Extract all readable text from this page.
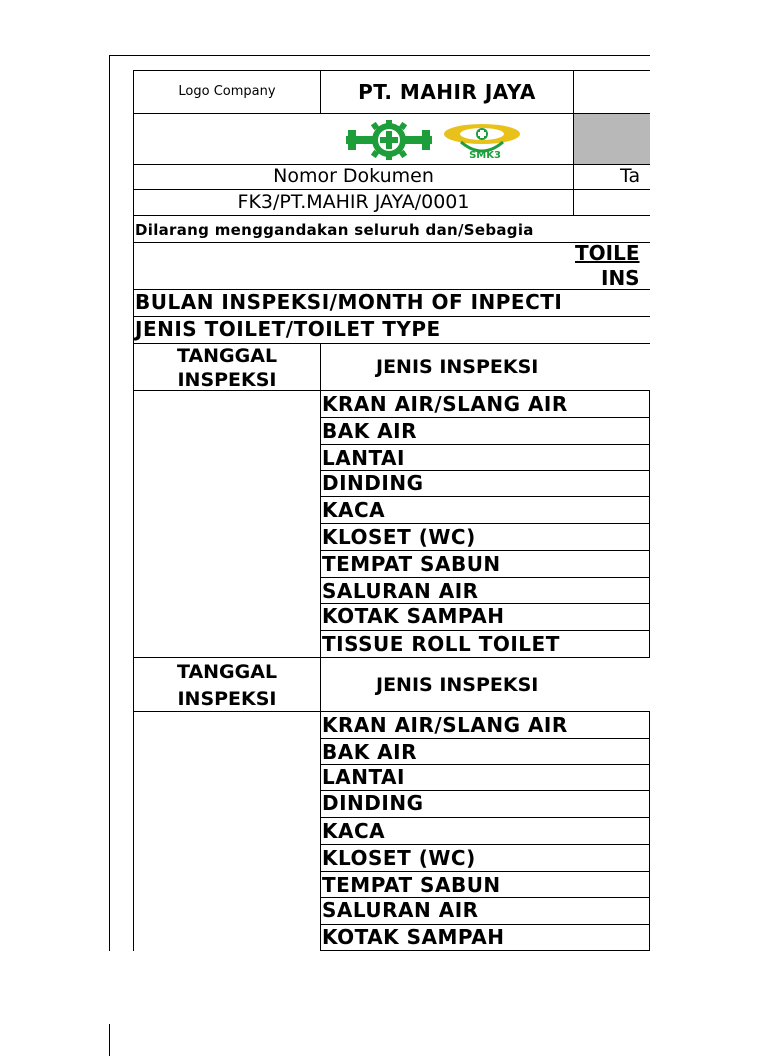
Logo Company	PT. MAHIR JAYA
SMK3
Nomor Dokumen	Ta
FK3/PT.MAHIR JAYA/0001
Dilarang menggandakan seluruh dan/Sebagia
TOILE
INS
BULAN INSPEKSI/MONTH OF INPECTI
JENIS TOILET/TOILET TYPE
TANGGAL
INSPEKSI
JENIS INSPEKSI
KRAN AIR/SLANG AIR
BAK AIR
LANTAI
DINDING
KACA
KLOSET (WC)
TEMPAT SABUN
SALURAN AIR
KOTAK SAMPAH
TISSUE ROLL TOILET
TANGGAL
INSPEKSI
JENIS INSPEKSI
KRAN AIR/SLANG AIR
BAK AIR
LANTAI
DINDING
KACA
KLOSET (WC)
TEMPAT SABUN
SALURAN AIR
KOTAK SAMPAH
